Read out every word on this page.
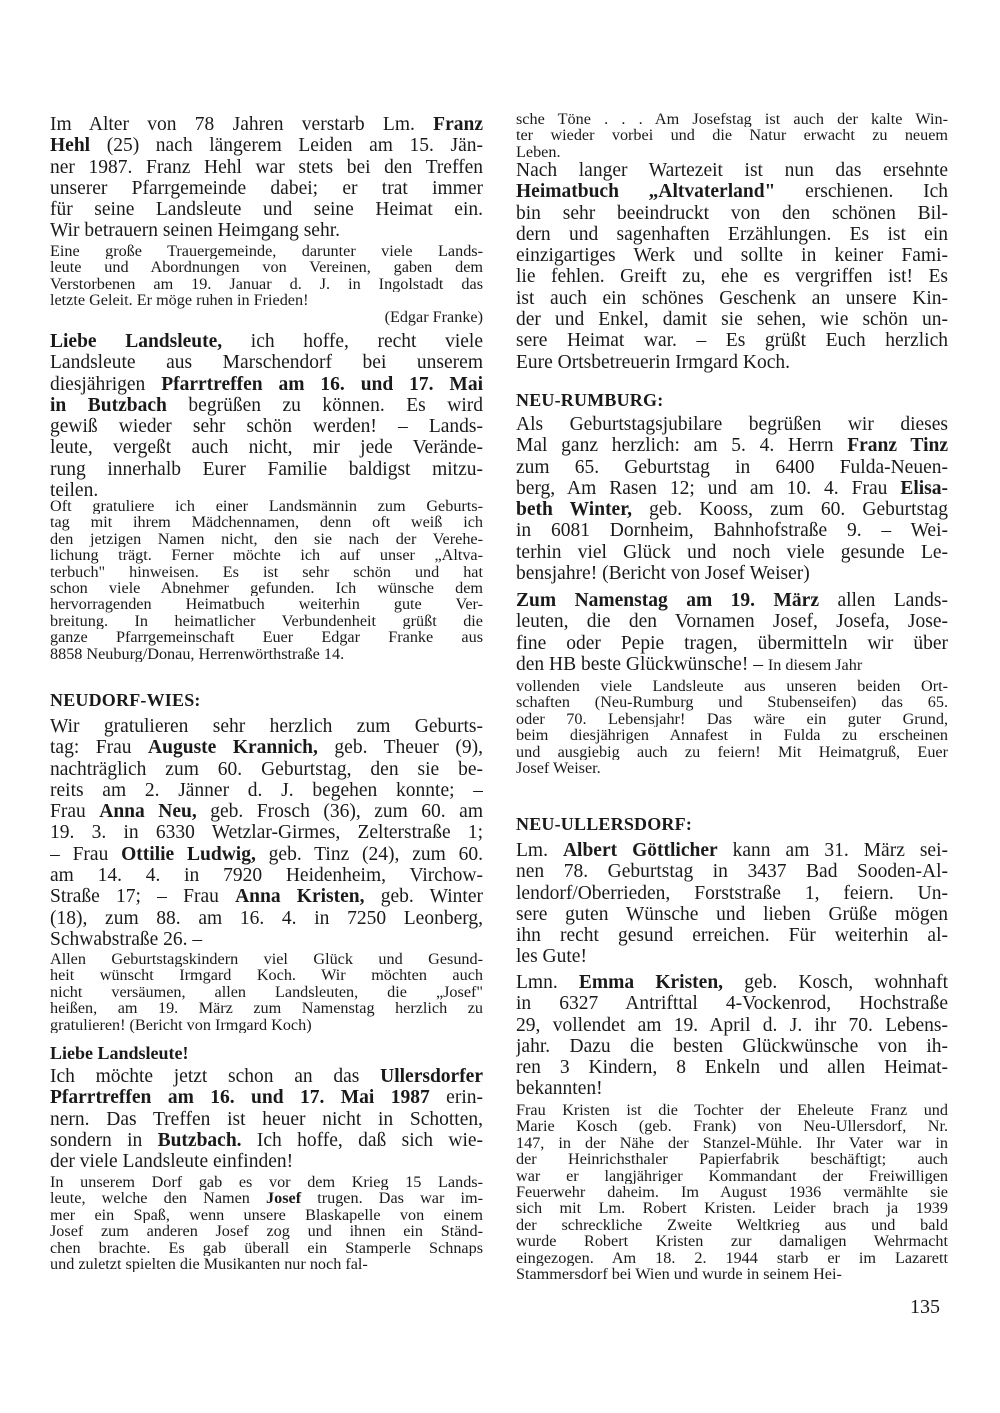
Im Alter von 78 Jahren verstarb Lm. Franz
Hehl (25) nach längerem Leiden am 15. Jän-
ner 1987. Franz Hehl war stets bei den Treffen
unserer Pfarrgemeinde dabei; er trat immer
für seine Landsleute und seine Heimat ein.
Wir betrauern seinen Heimgang sehr.
Eine große Trauergemeinde, darunter viele Lands-
leute und Abordnungen von Vereinen, gaben dem
Verstorbenen am 19. Januar d. J. in Ingolstadt das
letzte Geleit. Er möge ruhen in Frieden!
(Edgar Franke)
Liebe Landsleute, ich hoffe, recht viele
Landsleute aus Marschendorf bei unserem
diesjährigen Pfarrtreffen am 16. und 17. Mai
in Butzbach begrüßen zu können. Es wird
gewiß wieder sehr schön werden! – Lands-
leute, vergeßt auch nicht, mir jede Verände-
rung innerhalb Eurer Familie baldigst mitzu-
teilen.
Oft gratuliere ich einer Landsmännin zum Geburts-
tag mit ihrem Mädchennamen, denn oft weiß ich
den jetzigen Namen nicht, den sie nach der Verehe-
lichung trägt. Ferner möchte ich auf unser „Altva-
terbuch" hinweisen. Es ist sehr schön und hat
schon viele Abnehmer gefunden. Ich wünsche dem
hervorragenden Heimatbuch weiterhin gute Ver-
breitung. In heimatlicher Verbundenheit grüßt die
ganze Pfarrgemeinschaft Euer Edgar Franke aus
8858 Neuburg/Donau, Herrenwörthstraße 14.
NEUDORF-WIES:
Wir gratulieren sehr herzlich zum Geburts-
tag: Frau Auguste Krannich, geb. Theuer (9),
nachträglich zum 60. Geburtstag, den sie be-
reits am 2. Jänner d. J. begehen konnte; –
Frau Anna Neu, geb. Frosch (36), zum 60. am
19. 3. in 6330 Wetzlar-Girmes, Zelterstraße 1;
– Frau Ottilie Ludwig, geb. Tinz (24), zum 60.
am 14. 4. in 7920 Heidenheim, Virchow-
Straße 17; – Frau Anna Kristen, geb. Winter
(18), zum 88. am 16. 4. in 7250 Leonberg,
Schwabstraße 26. –
Allen Geburtstagskindern viel Glück und Gesund-
heit wünscht Irmgard Koch. Wir möchten auch
nicht versäumen, allen Landsleuten, die „Josef"
heißen, am 19. März zum Namenstag herzlich zu
gratulieren! (Bericht von Irmgard Koch)
Liebe Landsleute!
Ich möchte jetzt schon an das Ullersdorfer
Pfarrtreffen am 16. und 17. Mai 1987 erin-
nern. Das Treffen ist heuer nicht in Schotten,
sondern in Butzbach. Ich hoffe, daß sich wie-
der viele Landsleute einfinden!
In unserem Dorf gab es vor dem Krieg 15 Lands-
leute, welche den Namen Josef trugen. Das war im-
mer ein Spaß, wenn unsere Blaskapelle von einem
Josef zum anderen Josef zog und ihnen ein Ständ-
chen brachte. Es gab überall ein Stamperle Schnaps
und zuletzt spielten die Musikanten nur noch fal-
sche Töne . . . Am Josefstag ist auch der kalte Win-
ter wieder vorbei und die Natur erwacht zu neuem
Leben.
Nach langer Wartezeit ist nun das ersehnte
Heimatbuch „Altvaterland" erschienen. Ich
bin sehr beeindruckt von den schönen Bil-
dern und sagenhaften Erzählungen. Es ist ein
einzigartiges Werk und sollte in keiner Fami-
lie fehlen. Greift zu, ehe es vergriffen ist! Es
ist auch ein schönes Geschenk an unsere Kin-
der und Enkel, damit sie sehen, wie schön un-
sere Heimat war. – Es grüßt Euch herzlich
Eure Ortsbetreuerin Irmgard Koch.
NEU-RUMBURG:
Als Geburtstagsjubilare begrüßen wir dieses
Mal ganz herzlich: am 5. 4. Herrn Franz Tinz
zum 65. Geburtstag in 6400 Fulda-Neuen-
berg, Am Rasen 12; und am 10. 4. Frau Elisa-
beth Winter, geb. Kooss, zum 60. Geburtstag
in 6081 Dornheim, Bahnhofstraße 9. – Wei-
terhin viel Glück und noch viele gesunde Le-
bensjahre! (Bericht von Josef Weiser)
Zum Namenstag am 19. März allen Lands-
leuten, die den Vornamen Josef, Josefa, Jose-
fine oder Pepie tragen, übermitteln wir über
den HB beste Glückwünsche! – In diesem Jahr
vollenden viele Landsleute aus unseren beiden Ort-
schaften (Neu-Rumburg und Stubenseifen) das 65.
oder 70. Lebensjahr! Das wäre ein guter Grund,
beim diesjährigen Annafest in Fulda zu erscheinen
und ausgiebig auch zu feiern! Mit Heimatgruß, Euer
Josef Weiser.
NEU-ULLERSDORF:
Lm. Albert Göttlicher kann am 31. März sei-
nen 78. Geburtstag in 3437 Bad Sooden-Al-
lendorf/Oberrieden, Forststraße 1, feiern. Un-
sere guten Wünsche und lieben Grüße mögen
ihn recht gesund erreichen. Für weiterhin al-
les Gute!
Lmn. Emma Kristen, geb. Kosch, wohnhaft
in 6327 Antrifttal 4-Vockenrod, Hochstraße
29, vollendet am 19. April d. J. ihr 70. Lebens-
jahr. Dazu die besten Glückwünsche von ih-
ren 3 Kindern, 8 Enkeln und allen Heimat-
bekannten!
Frau Kristen ist die Tochter der Eheleute Franz und
Marie Kosch (geb. Frank) von Neu-Ullersdorf, Nr.
147, in der Nähe der Stanzel-Mühle. Ihr Vater war in
der Heinrichsthaler Papierfabrik beschäftigt; auch
war er langjähriger Kommandant der Freiwilligen
Feuerwehr daheim. Im August 1936 vermählte sie
sich mit Lm. Robert Kristen. Leider brach ja 1939
der schreckliche Zweite Weltkrieg aus und bald
wurde Robert Kristen zur damaligen Wehrmacht
eingezogen. Am 18. 2. 1944 starb er im Lazarett
Stammersdorf bei Wien und wurde in seinem Hei-
135
